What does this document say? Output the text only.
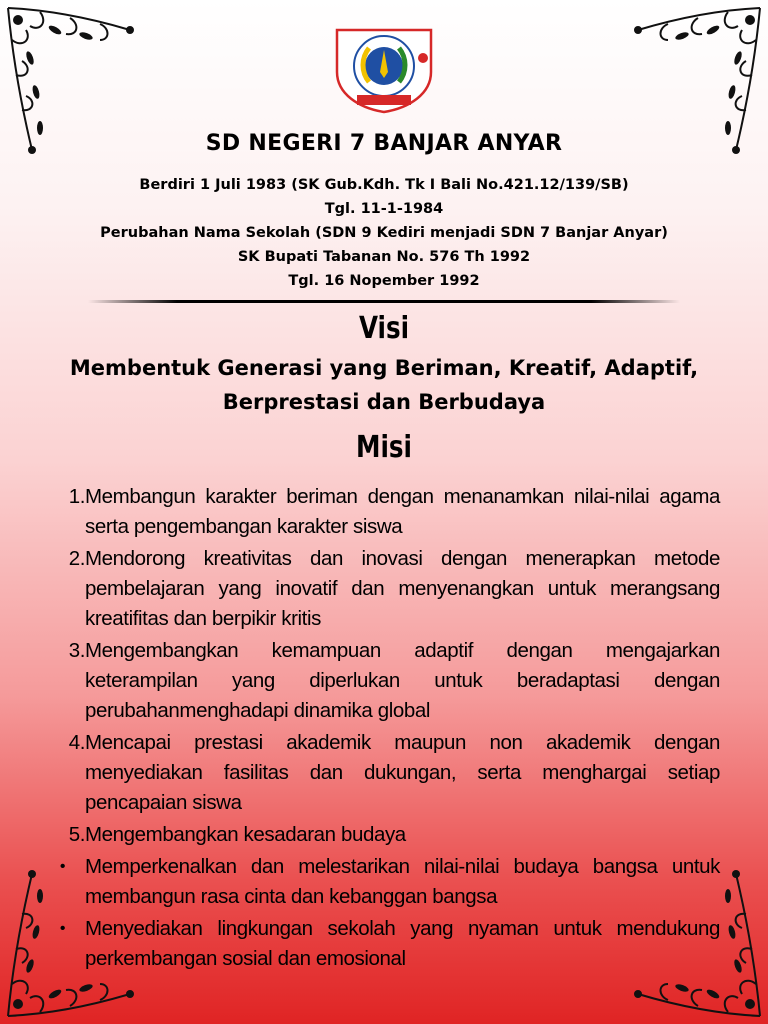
SD NEGERI 7 BANJAR ANYAR
Berdiri 1 Juli 1983 (SK Gub.Kdh. Tk I Bali No.421.12/139/SB)
Tgl. 11-1-1984
Perubahan Nama Sekolah (SDN 9 Kediri menjadi SDN 7 Banjar Anyar)
SK Bupati Tabanan No. 576 Th 1992
Tgl. 16 Nopember 1992
Visi
Membentuk Generasi yang Beriman, Kreatif, Adaptif, Berprestasi dan Berbudaya
Misi
1. Membangun karakter beriman dengan menanamkan nilai-nilai agama serta pengembangan karakter siswa
2. Mendorong kreativitas dan inovasi dengan menerapkan metode pembelajaran yang inovatif dan menyenangkan untuk merangsang kreatifitas dan berpikir kritis
3. Mengembangkan kemampuan adaptif dengan mengajarkan keterampilan yang diperlukan untuk beradaptasi dengan perubahanmenghadapi dinamika global
4. Mencapai prestasi akademik maupun non akademik dengan menyediakan fasilitas dan dukungan, serta menghargai setiap pencapaian siswa
5. Mengembangkan kesadaran budaya
• Memperkenalkan dan melestarikan nilai-nilai budaya bangsa untuk membangun rasa cinta dan kebanggan bangsa
• Menyediakan lingkungan sekolah yang nyaman untuk mendukung perkembangan sosial dan emosional
